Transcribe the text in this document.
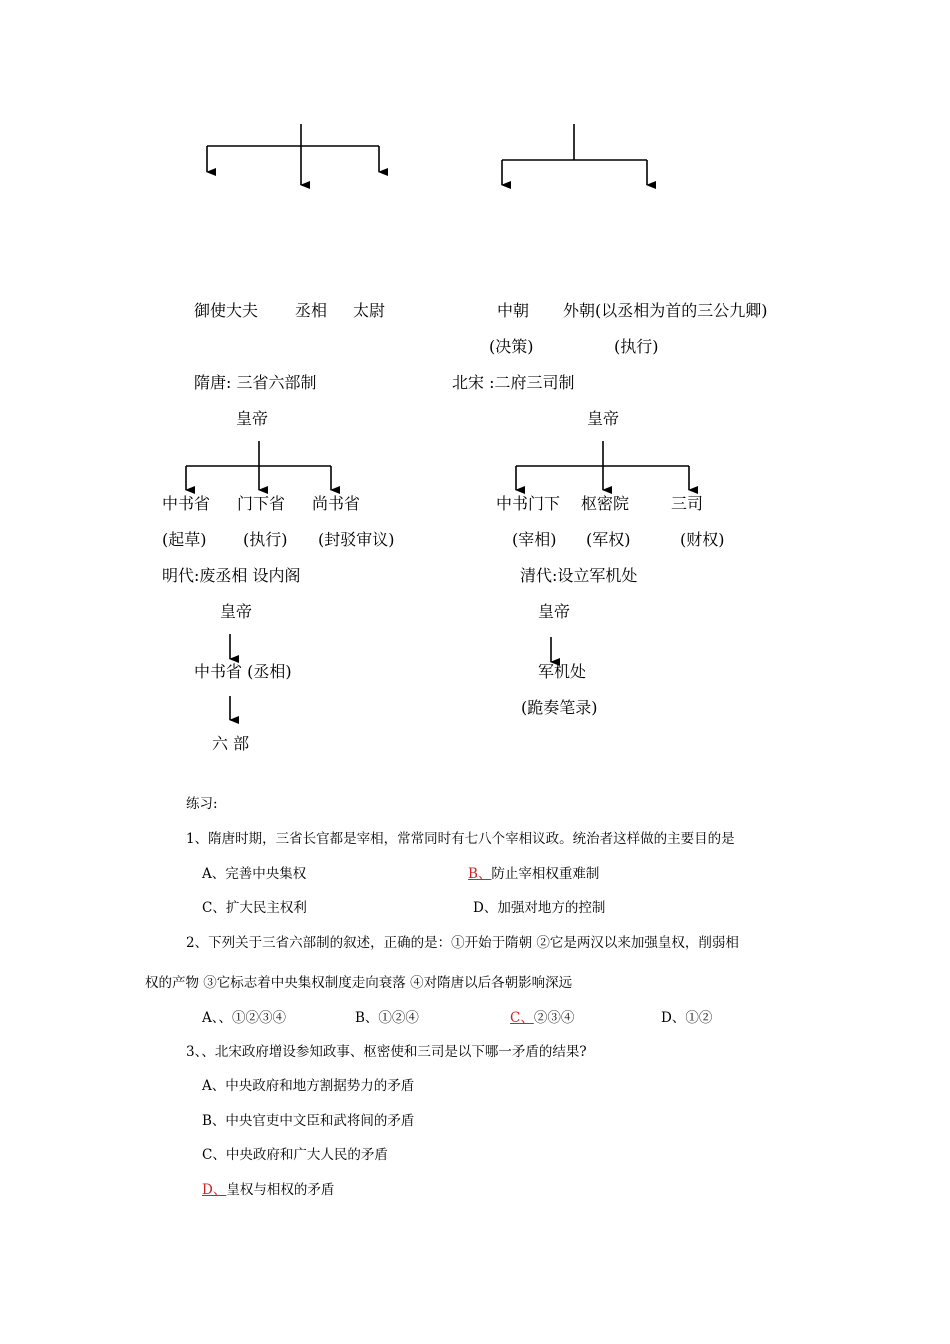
御使大夫 丞相 太尉	中朝 外朝(以丞相为首的三公九卿)
(决策)	(执行)
隋唐: 三省六部制
皇帝
中书省 门下省 尚书省
(起草) (执行) (封驳审议)
北宋 :二府三司制
皇帝
中书门下 枢密院	三司
(宰相) (军权)	(财权)
明代:废丞相 设内阁
皇帝
中书省 (丞相)
六 部
清代:设立军机处
皇帝
军机处
(跪奏笔录)
练习:
1、隋唐时期，三省长官都是宰相，常常同时有七八个宰相议政。统治者这样做的主要目的是
A、完善中央集权	B、防止宰相权重难制
C、扩大民主权利	D、加强对地方的控制
2、下列关于三省六部制的叙述，正确的是：①开始于隋朝 ②它是两汉以来加强皇权，削弱相
权的产物 ③它标志着中央集权制度走向衰落 ④对隋唐以后各朝影响深远
A、、①②③④	B、①②④	C、②③④	D、①②
3、、北宋政府增设参知政事、枢密使和三司是以下哪一矛盾的结果?
A、中央政府和地方割据势力的矛盾
B、中央官吏中文臣和武将间的矛盾
C、中央政府和广大人民的矛盾
D、皇权与相权的矛盾
